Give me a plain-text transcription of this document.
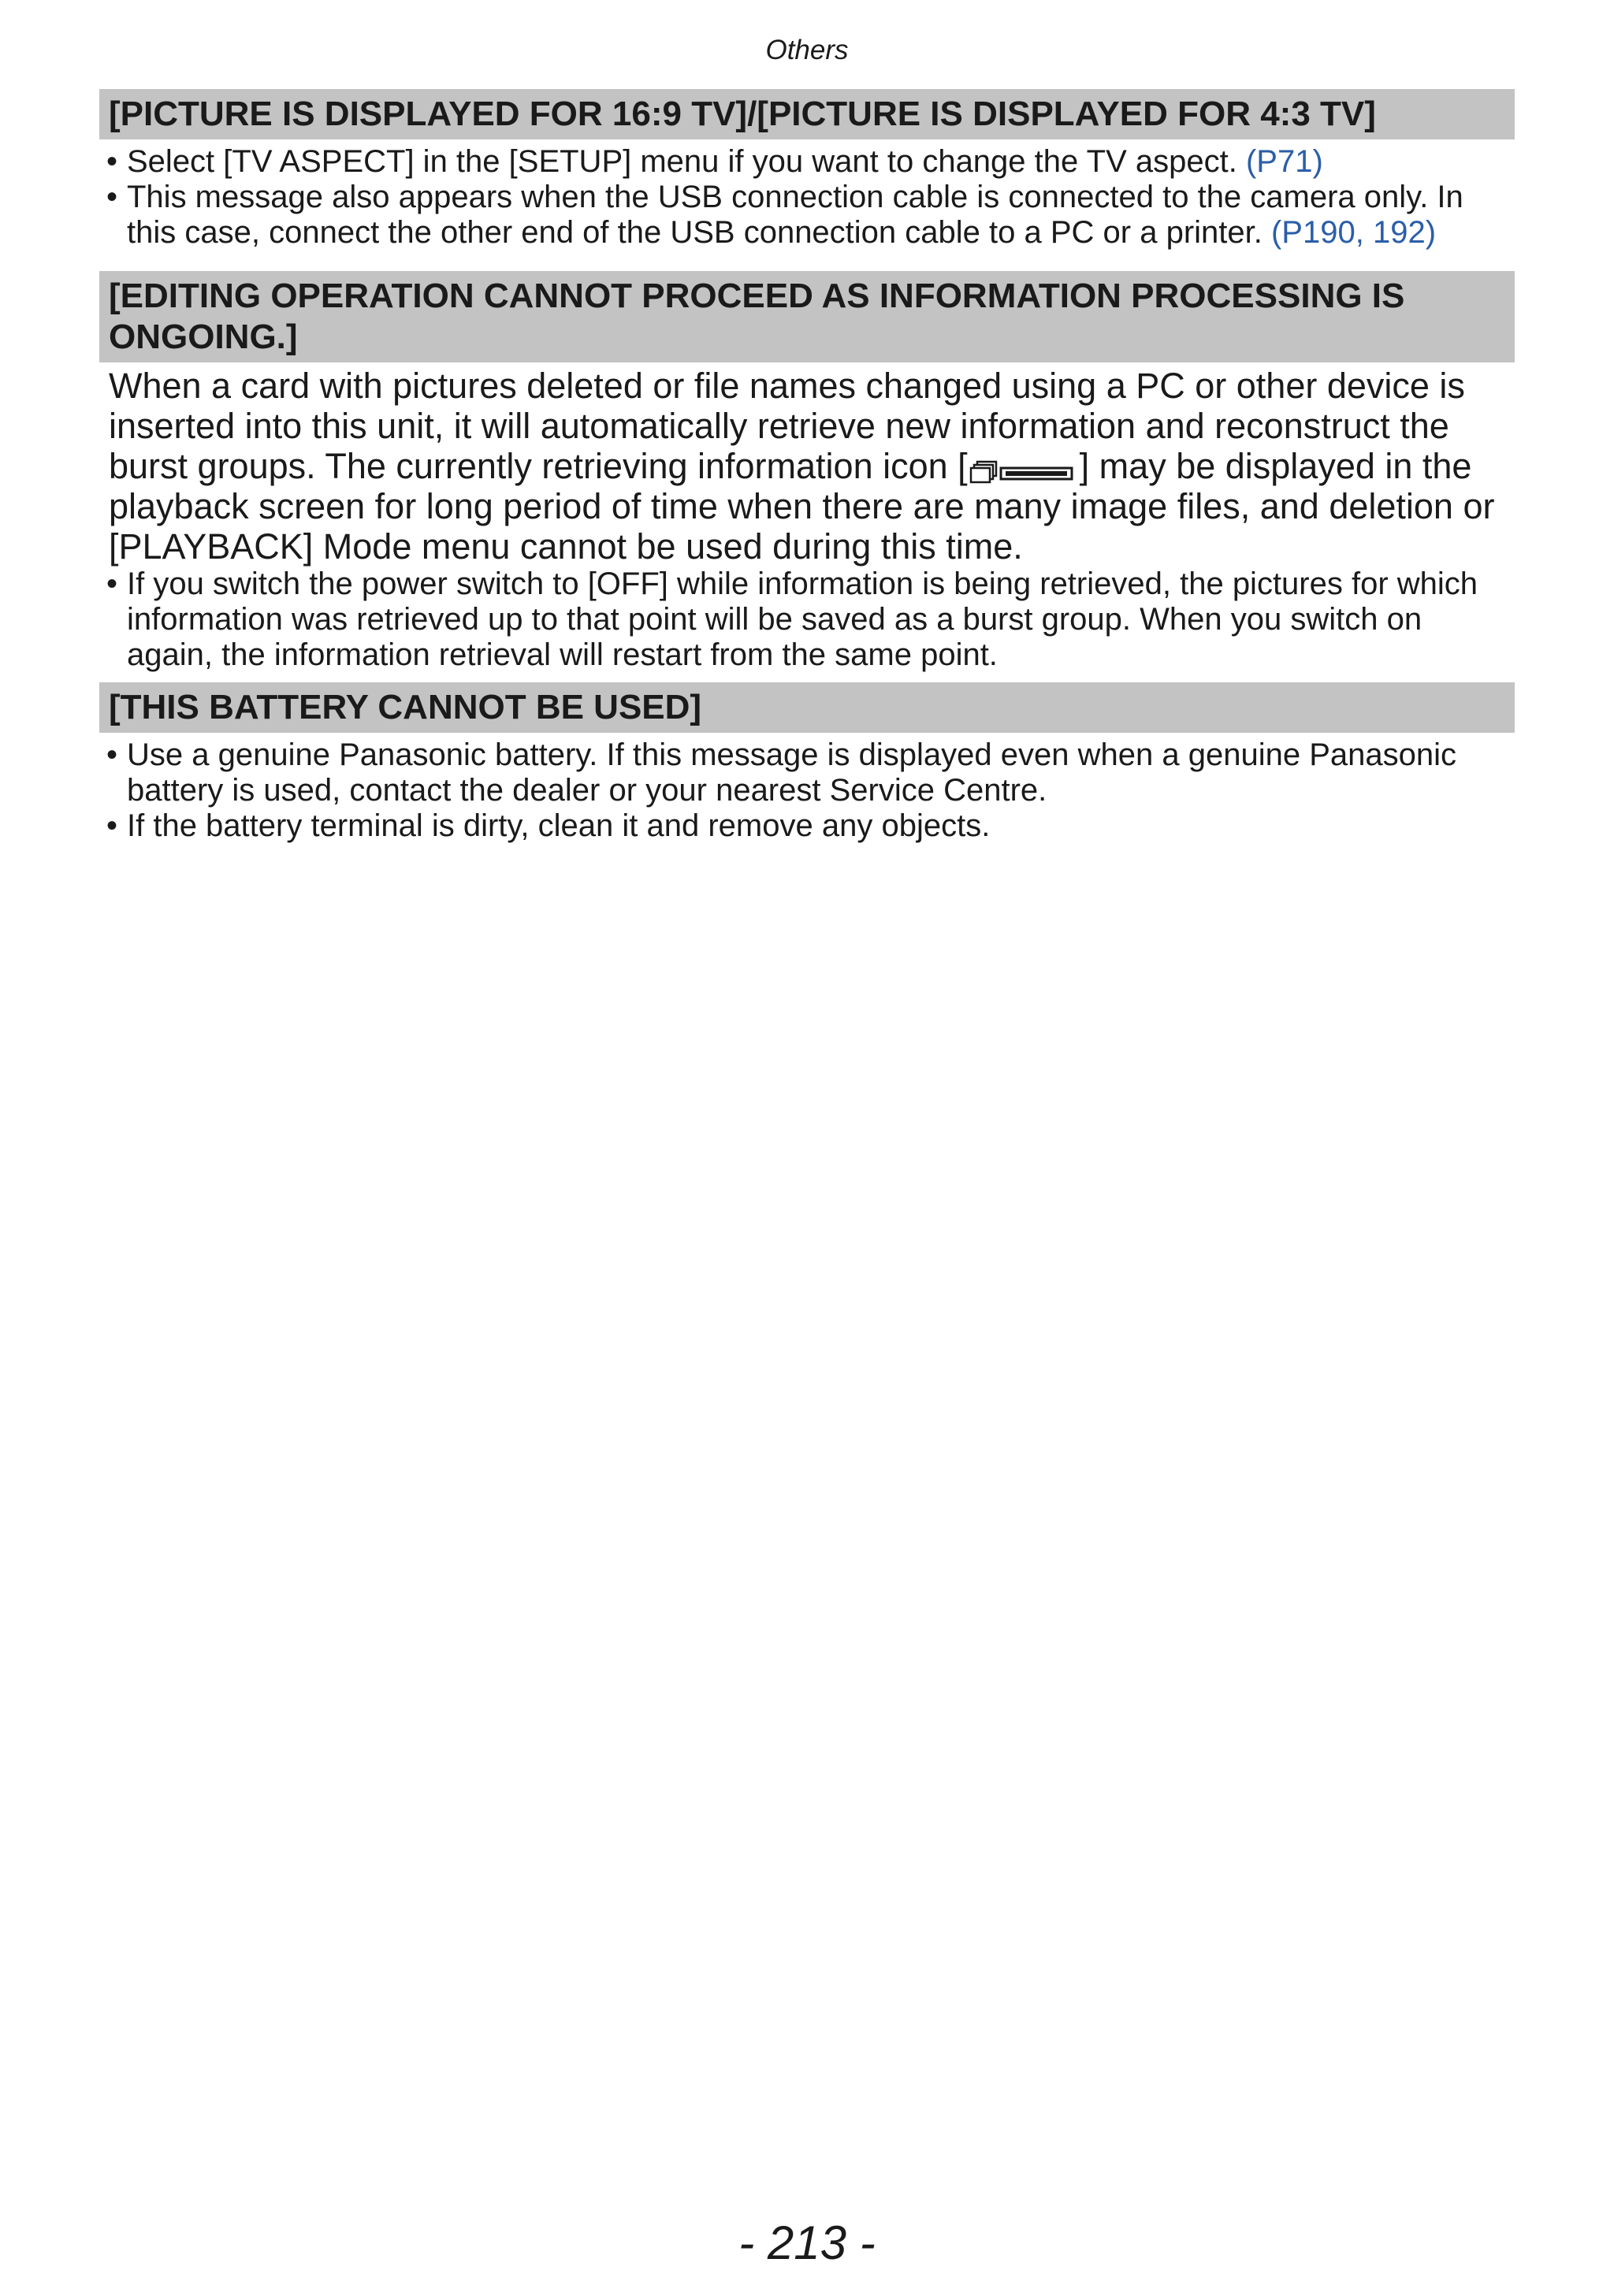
Others
[PICTURE IS DISPLAYED FOR 16:9 TV]/[PICTURE IS DISPLAYED FOR 4:3 TV]
• Select [TV ASPECT] in the [SETUP] menu if you want to change the TV aspect. (P71)
• This message also appears when the USB connection cable is connected to the camera only. In this case, connect the other end of the USB connection cable to a PC or a printer. (P190, 192)
[EDITING OPERATION CANNOT PROCEED AS INFORMATION PROCESSING IS ONGOING.]

When a card with pictures deleted or file names changed using a PC or other device is inserted into this unit, it will automatically retrieve new information and reconstruct the burst groups. The currently retrieving information icon [	] may be displayed in the playback screen for long period of time when there are many image files, and deletion or [PLAYBACK] Mode menu cannot be used during this time.

• If you switch the power switch to [OFF] while information is being retrieved, the pictures for which information was retrieved up to that point will be saved as a burst group. When you switch on again, the information retrieval will restart from the same point.
[THIS BATTERY CANNOT BE USED]
• Use a genuine Panasonic battery. If this message is displayed even when a genuine Panasonic battery is used, contact the dealer or your nearest Service Centre.
• If the battery terminal is dirty, clean it and remove any objects.
- 213 -
